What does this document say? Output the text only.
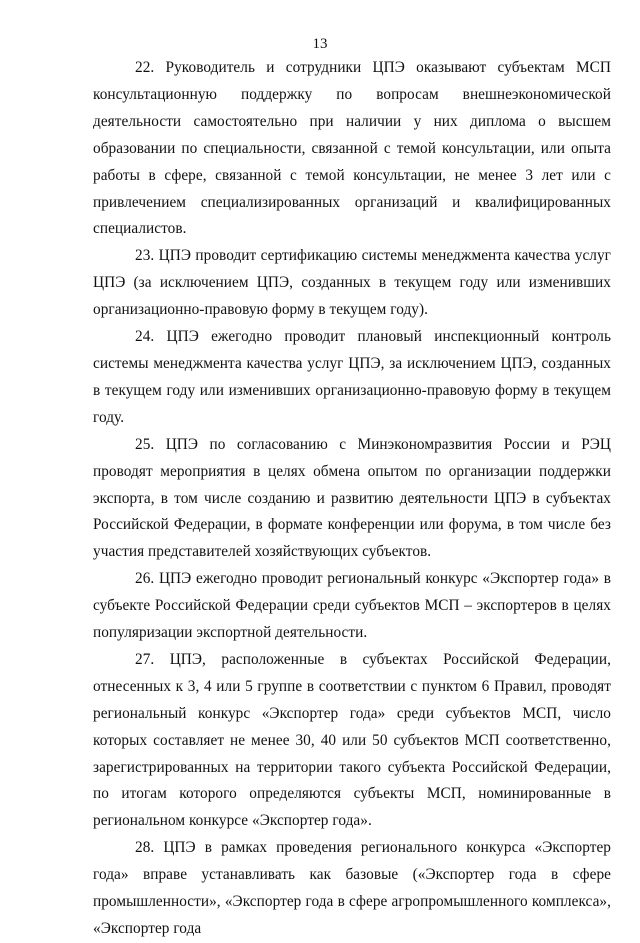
13

22. Руководитель и сотрудники ЦПЭ оказывают субъектам МСП консультационную поддержку по вопросам внешнеэкономической деятельности самостоятельно при наличии у них диплома о высшем образовании по специальности, связанной с темой консультации, или опыта работы в сфере, связанной с темой консультации, не менее 3 лет или с привлечением специализированных организаций и квалифицированных специалистов.

23. ЦПЭ проводит сертификацию системы менеджмента качества услуг ЦПЭ (за исключением ЦПЭ, созданных в текущем году или изменивших организационно-правовую форму в текущем году).

24. ЦПЭ ежегодно проводит плановый инспекционный контроль системы менеджмента качества услуг ЦПЭ, за исключением ЦПЭ, созданных в текущем году или изменивших организационно-правовую форму в текущем году.

25. ЦПЭ по согласованию с Минэкономразвития России и РЭЦ проводят мероприятия в целях обмена опытом по организации поддержки экспорта, в том числе созданию и развитию деятельности ЦПЭ в субъектах Российской Федерации, в формате конференции или форума, в том числе без участия представителей хозяйствующих субъектов.

26. ЦПЭ ежегодно проводит региональный конкурс «Экспортер года» в субъекте Российской Федерации среди субъектов МСП – экспортеров в целях популяризации экспортной деятельности.

27. ЦПЭ, расположенные в субъектах Российской Федерации, отнесенных к 3, 4 или 5 группе в соответствии с пунктом 6 Правил, проводят региональный конкурс «Экспортер года» среди субъектов МСП, число которых составляет не менее 30, 40 или 50 субъектов МСП соответственно, зарегистрированных на территории такого субъекта Российской Федерации, по итогам которого определяются субъекты МСП, номинированные в региональном конкурсе «Экспортер года».

28. ЦПЭ в рамках проведения регионального конкурса «Экспортер года» вправе устанавливать как базовые («Экспортер года в сфере промышленности», «Экспортер года в сфере агропромышленного комплекса», «Экспортер года
